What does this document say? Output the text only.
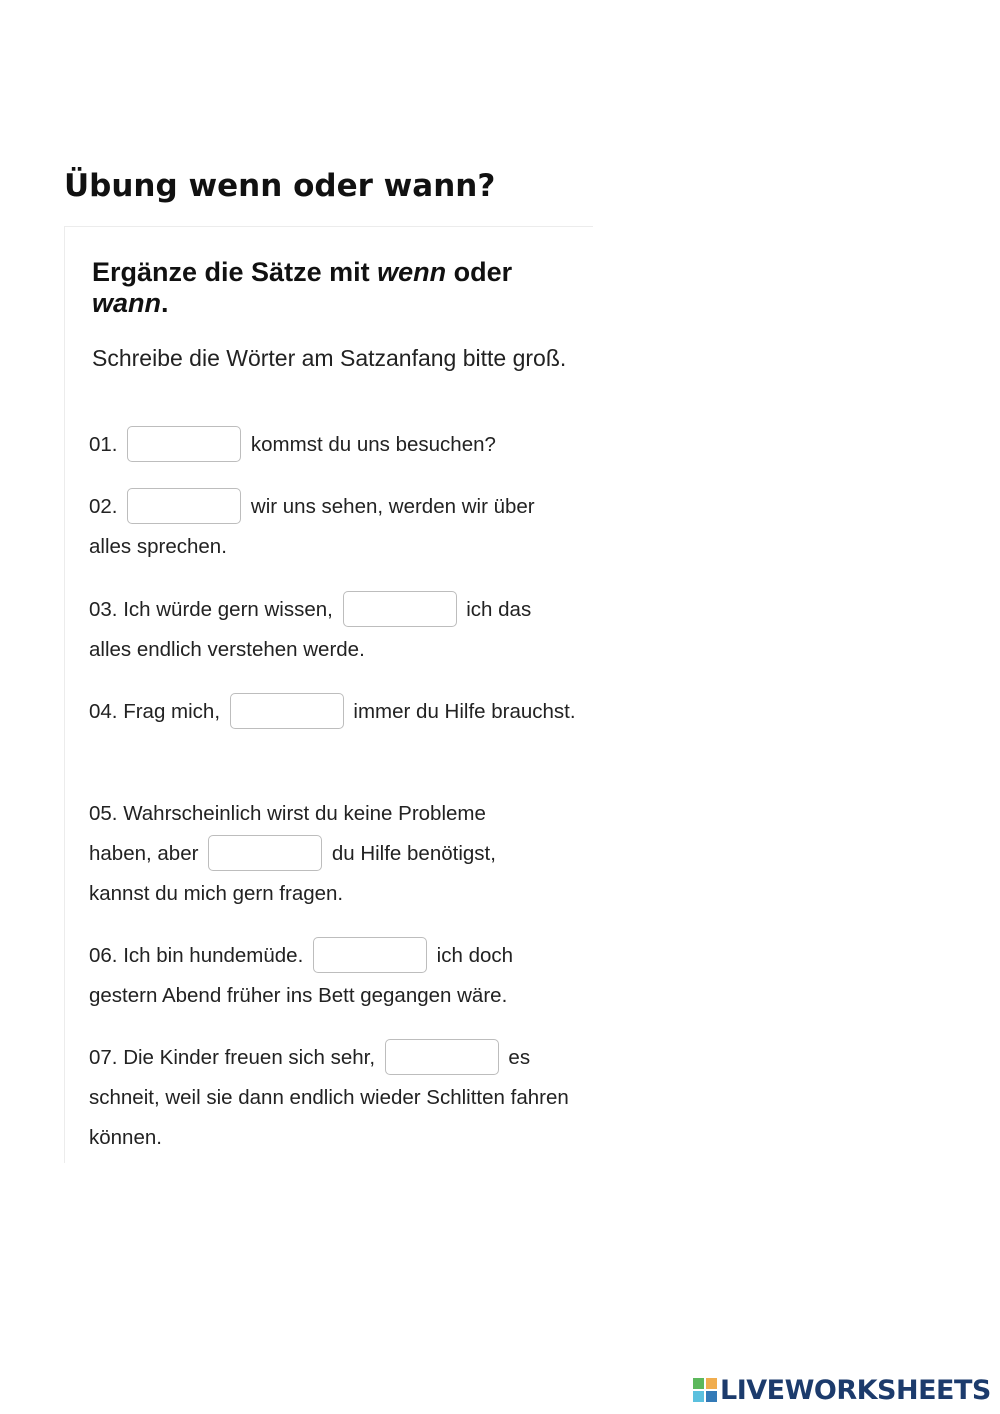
Übung wenn oder wann?
Ergänze die Sätze mit wenn oder
wann.

Schreibe die Wörter am Satzanfang bitte groß.

01.	kommst du uns besuchen?

02.	wir uns sehen, werden wir über alles sprechen.

03. Ich würde gern wissen,	ich das alles endlich verstehen werde.

04. Frag mich,	immer du Hilfe brauchst.

05. Wahrscheinlich wirst du keine Probleme haben, aber	du Hilfe benötigst, kannst du mich gern fragen.

06. Ich bin hundemüde.	ich doch gestern Abend früher ins Bett gegangen wäre.

07. Die Kinder freuen sich sehr,	es schneit, weil sie dann endlich wieder Schlitten fahren können.

LIVEWORKSHEETS
